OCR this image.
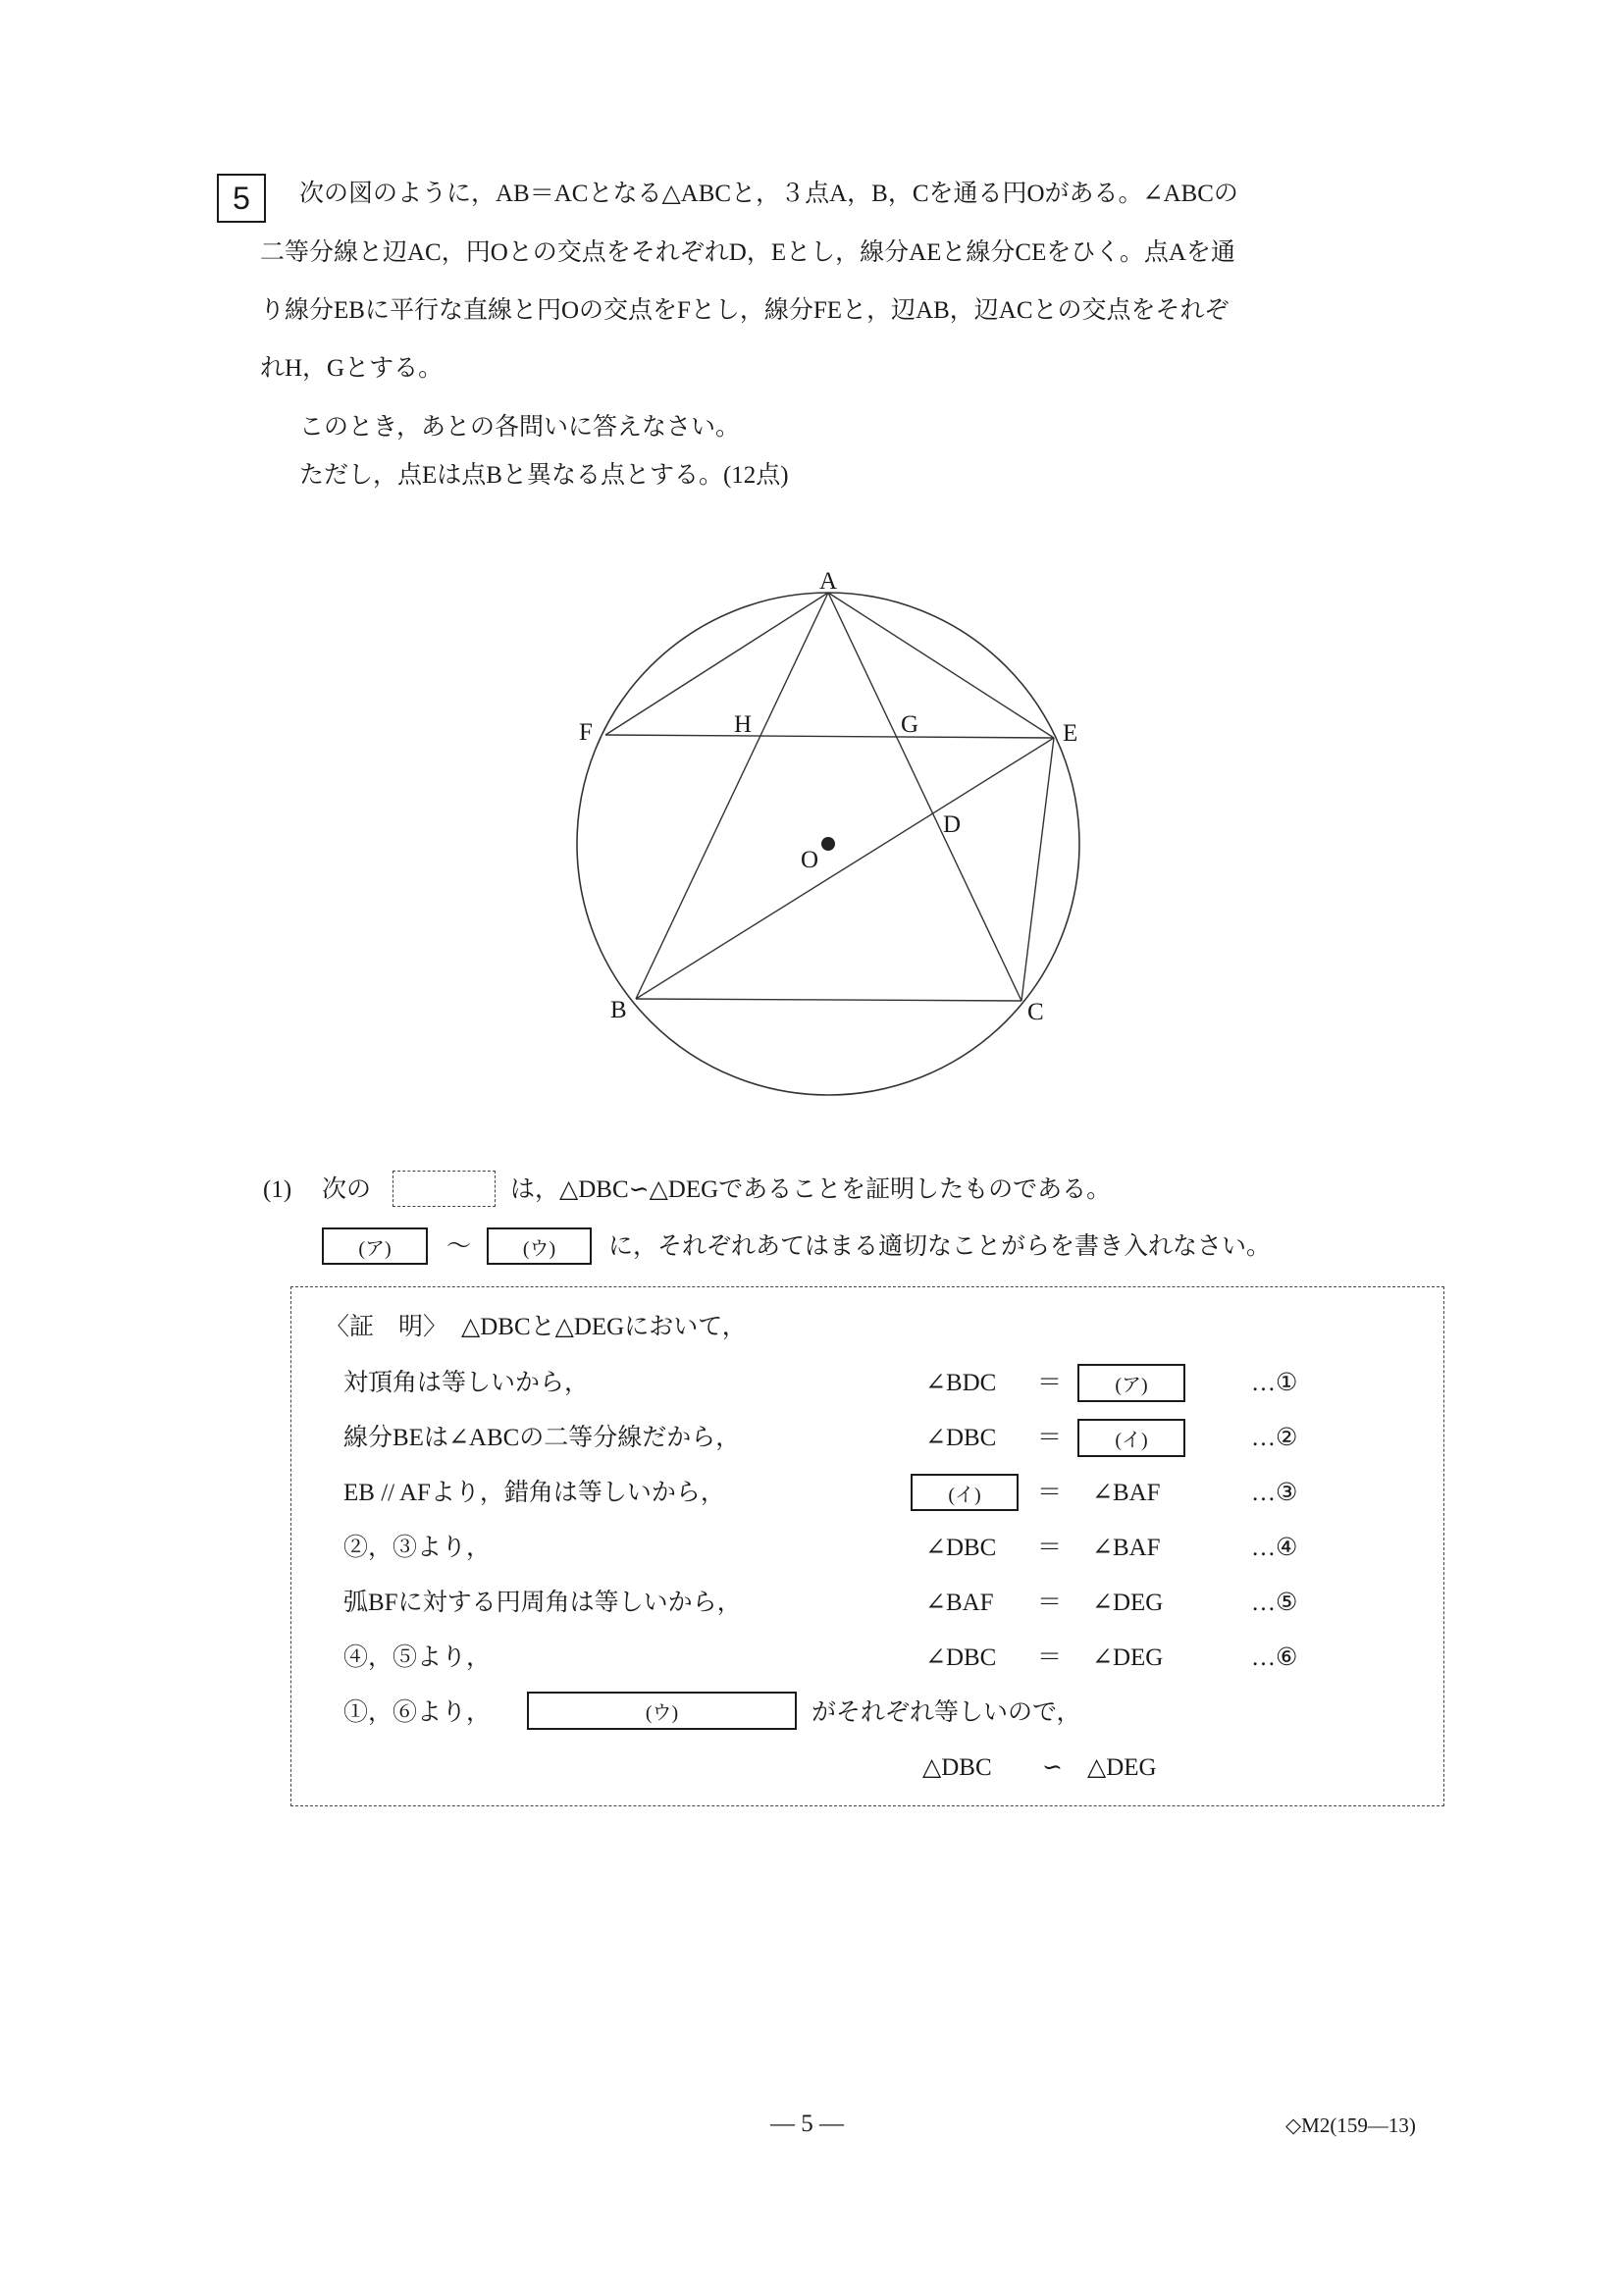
5 次の図のように，AB＝ACとなる△ABCと，３点A，B，Cを通る円Oがある。∠ABCの
二等分線と辺AC，円Oとの交点をそれぞれD，Eとし，線分AEと線分CEをひく。点Aを通
り線分EBに平行な直線と円Oの交点をFとし，線分FEと，辺AB，辺ACとの交点をそれぞ
れH，Gとする。
このとき，あとの各問いに答えなさい。
ただし，点Eは点Bと異なる点とする。(12点)
A
F	H	G	E
D
O
B	C
(1) 次の	は，△DBC∽△DEGであることを証明したものである。
(ア)	～	(ウ)	に，それぞれあてはまる適切なことがらを書き入れなさい。
〈証　明〉 △DBCと△DEGにおいて，
対頂角は等しいから，	∠BDC ＝	(ア)	…①
線分BEは∠ABCの二等分線だから，	∠DBC ＝	(イ)	…②
EB // AFより，錯角は等しいから，	(イ)	＝ ∠BAF	…③
②，③より，	∠DBC ＝ ∠BAF	…④
弧BFに対する円周角は等しいから，	∠BAF ＝ ∠DEG	…⑤
④，⑤より，	∠DBC ＝ ∠DEG	…⑥
①，⑥より，	(ウ)	がそれぞれ等しいので，
△DBC ∽ △DEG
— 5 —	◇M2(159—13)
